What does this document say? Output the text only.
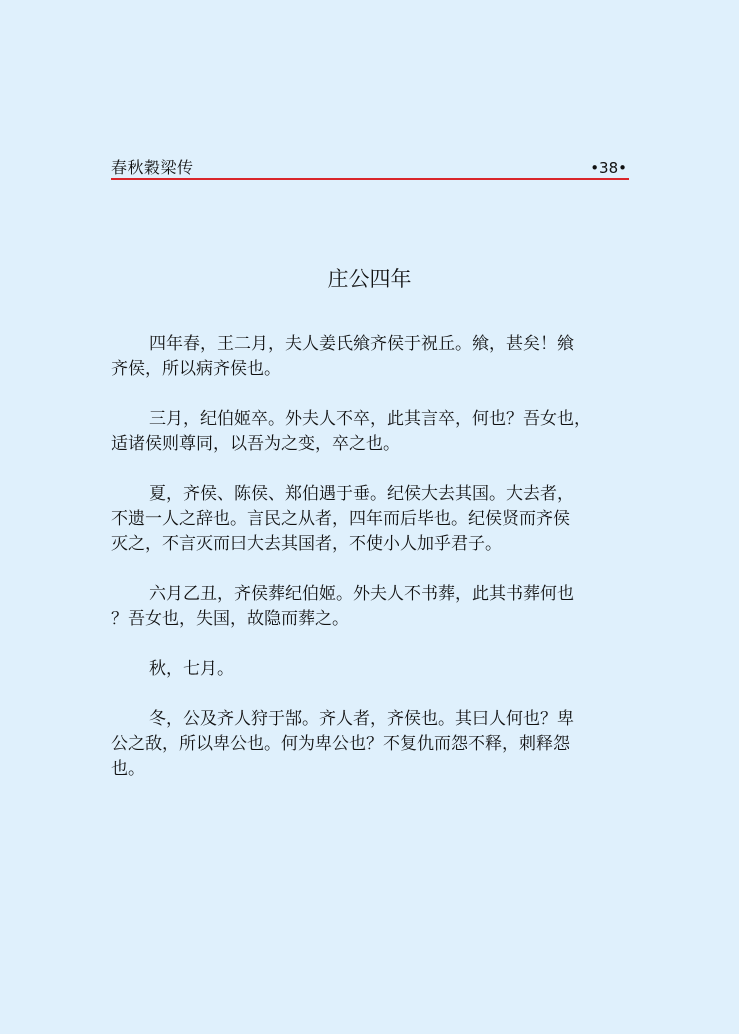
春秋穀梁传	•38•
庄公四年

四年春，王二月，夫人姜氏飨齐侯于祝丘。飨，甚矣！飨
齐侯，所以病齐侯也。

三月，纪伯姬卒。外夫人不卒，此其言卒，何也？吾女也，
适诸侯则尊同，以吾为之变，卒之也。

夏，齐侯、陈侯、郑伯遇于垂。纪侯大去其国。大去者，
不遗一人之辞也。言民之从者，四年而后毕也。纪侯贤而齐侯
灭之，不言灭而曰大去其国者，不使小人加乎君子。

六月乙丑，齐侯葬纪伯姬。外夫人不书葬，此其书葬何也
？吾女也，失国，故隐而葬之。

秋，七月。

冬，公及齐人狩于郜。齐人者，齐侯也。其曰人何也？卑
公之敌，所以卑公也。何为卑公也？不复仇而怨不释，刺释怨
也。
